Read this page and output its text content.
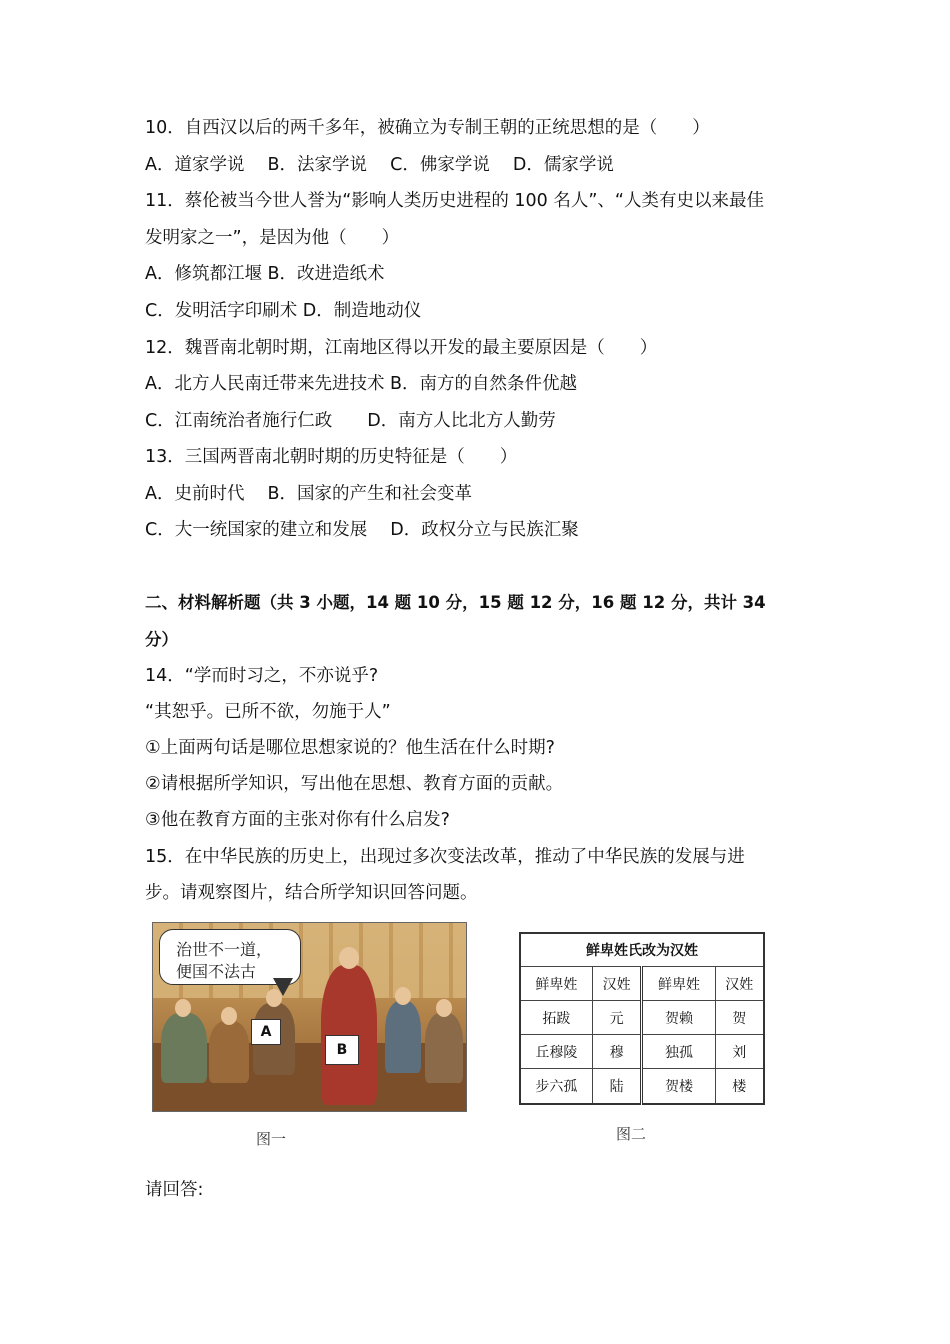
10．自西汉以后的两千多年，被确立为专制王朝的正统思想的是（　　）
A．道家学说　 B．法家学说　 C．佛家学说　 D．儒家学说
11．蔡伦被当今世人誉为“影响人类历史进程的 100 名人”、“人类有史以来最佳
发明家之一”，是因为他（　　）
A．修筑都江堰 B．改进造纸术
C．发明活字印刷术 D．制造地动仪
12．魏晋南北朝时期，江南地区得以开发的最主要原因是（　　）
A．北方人民南迁带来先进技术 B．南方的自然条件优越
C．江南统治者施行仁政　　D．南方人比北方人勤劳
13．三国两晋南北朝时期的历史特征是（　　）
A．史前时代　 B．国家的产生和社会变革
C．大一统国家的建立和发展　 D．政权分立与民族汇聚
二、材料解析题（共 3 小题，14 题 10 分，15 题 12 分，16 题 12 分，共计 34
分）
14．“学而时习之，不亦说乎?
“其恕乎。已所不欲，勿施于人”
①上面两句话是哪位思想家说的？他生活在什么时期?
②请根据所学知识，写出他在思想、教育方面的贡献。
③他在教育方面的主张对你有什么启发?
15．在中华民族的历史上，出现过多次变法改革，推动了中华民族的发展与进
步。请观察图片，结合所学知识回答问题。
治世不一道，
便国不法古
A
B
图一
鲜卑姓氏改为汉姓			
鲜卑姓	汉姓	鲜卑姓	汉姓
拓跋	元	贺赖	贺
丘穆陵	穆	独孤	刘
步六孤	陆	贺楼	楼
图二
请回答:
